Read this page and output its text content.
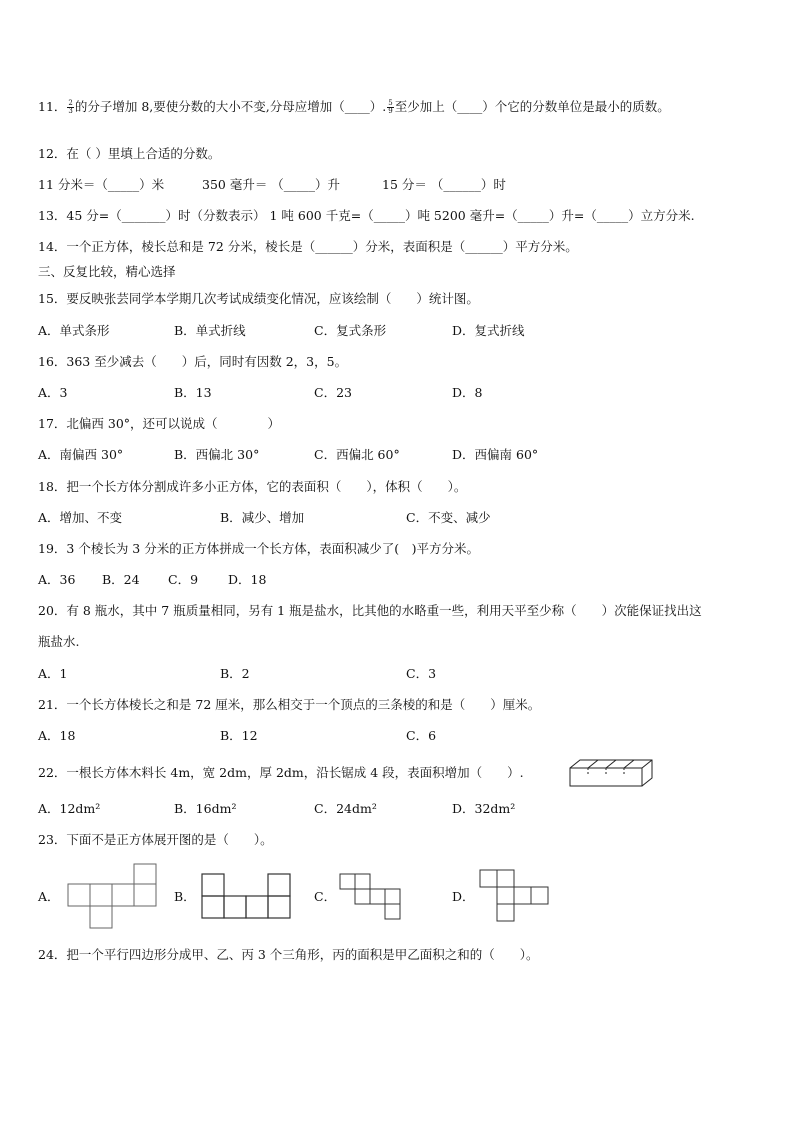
11． $\frac{2}{3}$ 的分子增加 8,要使分数的大小不变,分母应增加（____）. $\frac{5}{9}$ 至少加上（____）个它的分数单位是最小的质数。
12．在（ ）里填上合适的分数。
11 分米＝（_____）米	350 毫升＝ （_____）升	15 分＝ （______）时
13．45 分=（_______）时（分数表示） 1 吨 600 千克=（_____）吨 5200 毫升=（_____）升=（_____）立方分米.
14．一个正方体，棱长总和是 72 分米，棱长是（______）分米，表面积是（______）平方分米。
三、反复比较，精心选择
15．要反映张芸同学本学期几次考试成绩变化情况，应该绘制（　　）统计图。
A．单式条形	B．单式折线	C．复式条形	D．复式折线
16．363 至少减去（　　）后，同时有因数 2，3，5。
A．3	B．13	C．23	D．8
17．北偏西 30°，还可以说成（　　　　）
A．南偏西 30°	B．西偏北 30°	C．西偏北 60°	D．西偏南 60°
18．把一个长方体分割成许多小正方体，它的表面积（　　），体积（　　）。
A．增加、不变	B．减少、增加	C．不变、减少
19．3 个棱长为 3 分米的正方体拼成一个长方体，表面积减少了(　)平方分米。
A．36 B．24 C．9 D．18
20．有 8 瓶水，其中 7 瓶质量相同，另有 1 瓶是盐水，比其他的水略重一些，利用天平至少称（　　）次能保证找出这
瓶盐水.
A．1	B．2	C．3
21．一个长方体棱长之和是 72 厘米，那么相交于一个顶点的三条棱的和是（　　）厘米。
A．18	B．12	C．6
22．一根长方体木料长 4m，宽 2dm，厚 2dm，沿长锯成 4 段，表面积增加（　　）.
A．12dm²	B．16dm²	C．24dm²	D．32dm²
23．下面不是正方体展开图的是（　　）。
A．	B．	C．	D．
24．把一个平行四边形分成甲、乙、丙 3 个三角形，丙的面积是甲乙面积之和的（　　）。
